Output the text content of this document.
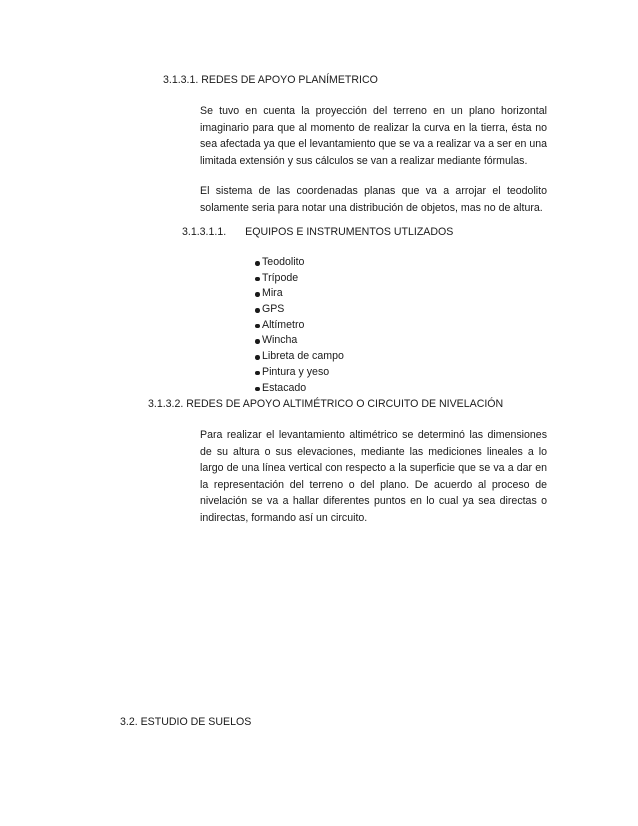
3.1.3.1. REDES DE APOYO PLANÍMETRICO
Se tuvo en cuenta la proyección del terreno en un plano horizontal imaginario para que al momento de realizar la curva en la tierra, ésta no sea afectada ya que el levantamiento que se va a realizar va a ser en una limitada extensión y sus cálculos se van a realizar mediante fórmulas.
El sistema de las coordenadas planas que va a arrojar el teodolito solamente seria para notar una distribución de objetos, mas no de altura.
3.1.3.1.1. EQUIPOS E INSTRUMENTOS UTLIZADOS
Teodolito
Trípode
Mira
GPS
Altímetro
Wincha
Libreta de campo
Pintura y yeso
Estacado
3.1.3.2. REDES DE APOYO ALTIMÉTRICO O CIRCUITO DE NIVELACIÓN
Para realizar el levantamiento altimétrico se determinó las dimensiones de su altura o sus elevaciones, mediante las mediciones lineales a lo largo de una línea vertical con respecto a la superficie que se va a dar en la representación del terreno o del plano. De acuerdo al proceso de nivelación se va a hallar diferentes puntos en lo cual ya sea directas o indirectas, formando así un circuito.
3.2. ESTUDIO DE SUELOS
